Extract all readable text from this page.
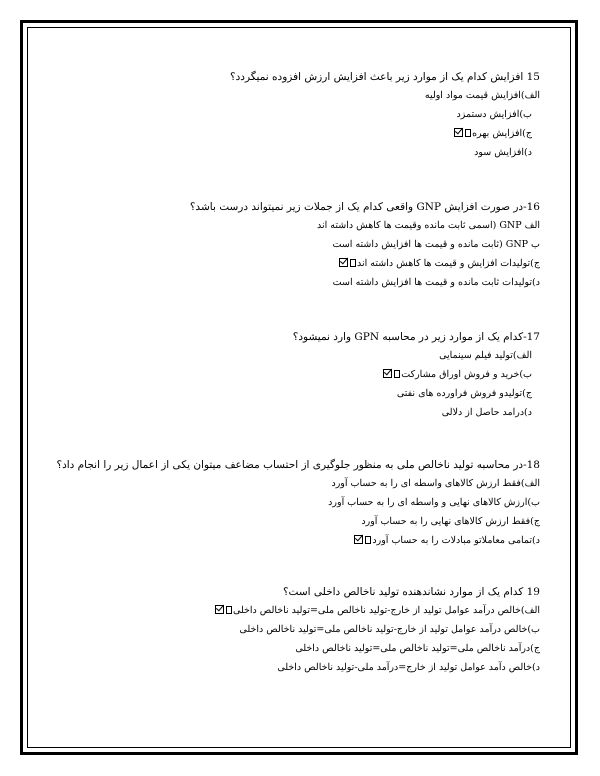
15 افزایش کدام یک از موارد زیر باعث افزایش ارزش افزوده نمیگردد؟
الف)افزایش قیمت مواد اولیه
ب)افزایش دستمزد
ج)افزایش بهره
د)افزایش سود
16-در صورت افزایش GNP واقعی کدام یک از جملات زیر نمیتواند درست باشد؟
الف GNP (اسمی ثابت مانده وقیمت ها کاهش داشته اند
ب GNP (ثابت مانده و قیمت ها افزایش داشته است
ج)تولیدات افزایش و قیمت ها کاهش داشته اند
د)تولیدات ثابت مانده و قیمت ها افزایش داشته است
17-کدام یک از موارد زیر در محاسبه GPN وارد نمیشود؟
الف)تولید فیلم سینمایی
ب)خرید و فروش اوراق مشارکت
ج)تولیدو فروش فراورده های نفتی
د)درامد حاصل از دلالی
18-در محاسبه تولید ناخالص ملی به منظور جلوگیری از احتساب مضاعف میتوان یکی از اعمال زیر را انجام داد؟
الف)فقط ارزش کالاهای واسطه ای را به حساب آورد
ب)ارزش کالاهای نهایی و واسطه ای را به حساب آورد
ج)فقط ارزش کالاهای نهایی را به حساب آورد
د)تمامی معاملاتو مبادلات را به حساب آورد
19 کدام یک از موارد نشاندهنده تولید ناخالص داخلی است؟
الف)خالص درآمد عوامل تولید از خارج-تولید ناخالص ملی=تولید ناخالص داخلی
ب)خالص درآمد عوامل تولید از خارج-تولید ناخالص ملی=تولید ناخالص داخلی
ج)درآمد ناخالص ملی=تولید ناخالص ملی=تولید ناخالص داخلی
د)خالص دآمد عوامل تولید از خارج=درآمد ملی-تولید ناخالص داخلی
